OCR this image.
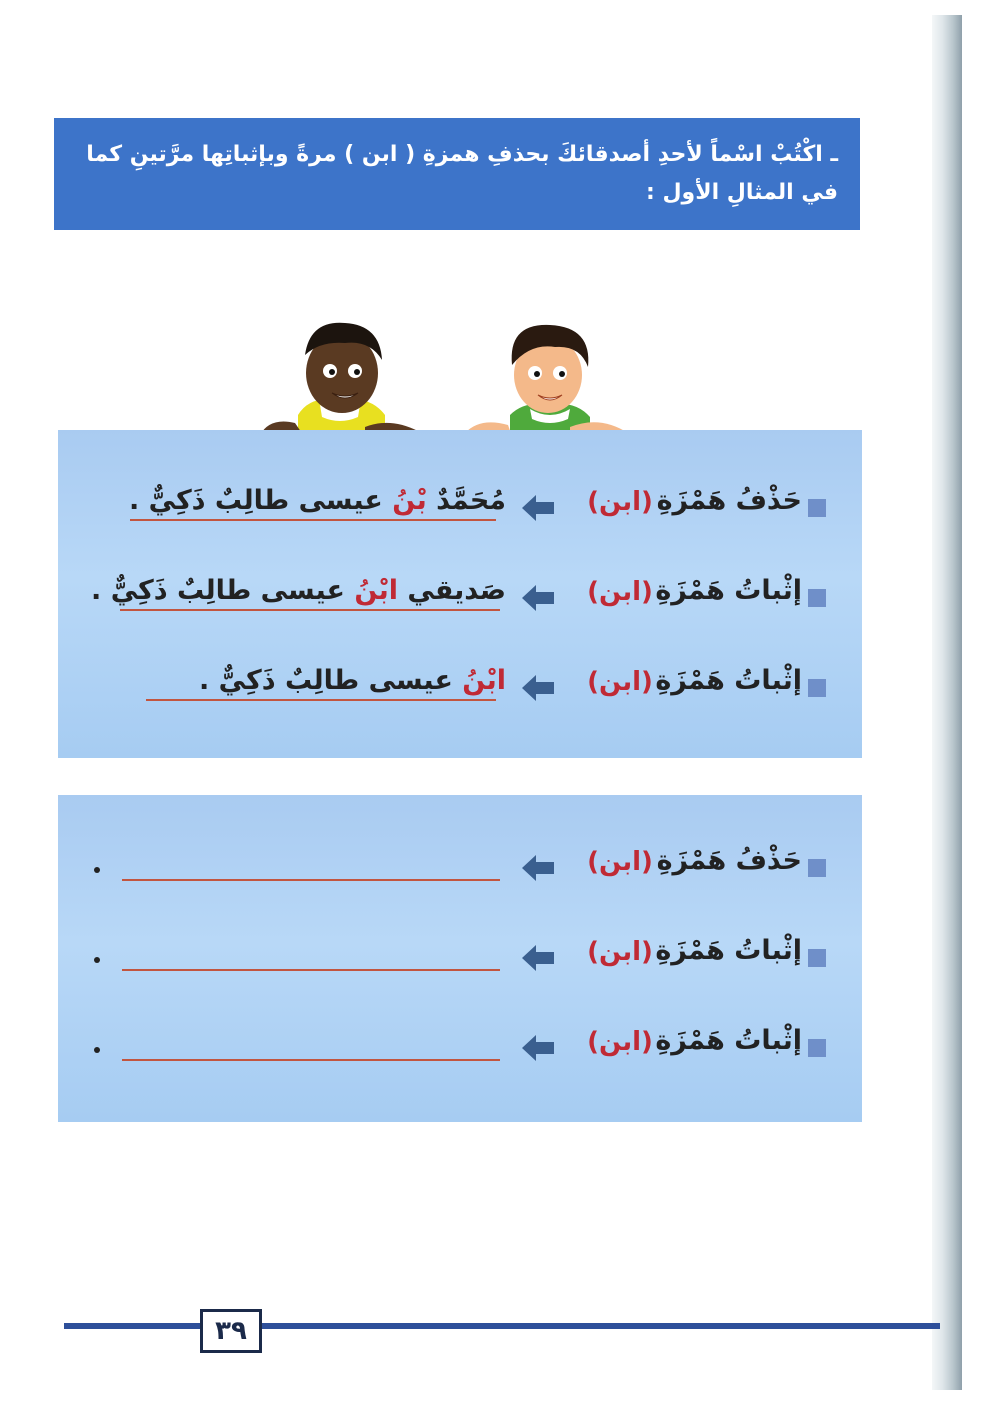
ـ اكْتُبْ اسْماً لأحدِ أصدقائكَ بحذفِ همزةِ ( ابن ) مرةً وبإثباتِها مرَّتينِ كما
في المثالِ الأول :
حَذْفُ هَمْزَةِ
(ابن)
مُحَمَّدٌ بْنُ عيسى طالِبٌ ذَكِيٌّ .
إثْباتُ هَمْزَةِ
(ابن)
صَديقي ابْنُ عيسى طالِبٌ ذَكِيٌّ .
إثْباتُ هَمْزَةِ
(ابن)
ابْنُ عيسى طالِبٌ ذَكِيٌّ .
حَذْفُ هَمْزَةِ
(ابن)
إثْباتُ هَمْزَةِ
(ابن)
إثْباتُ هَمْزَةِ
(ابن)
٣٩
